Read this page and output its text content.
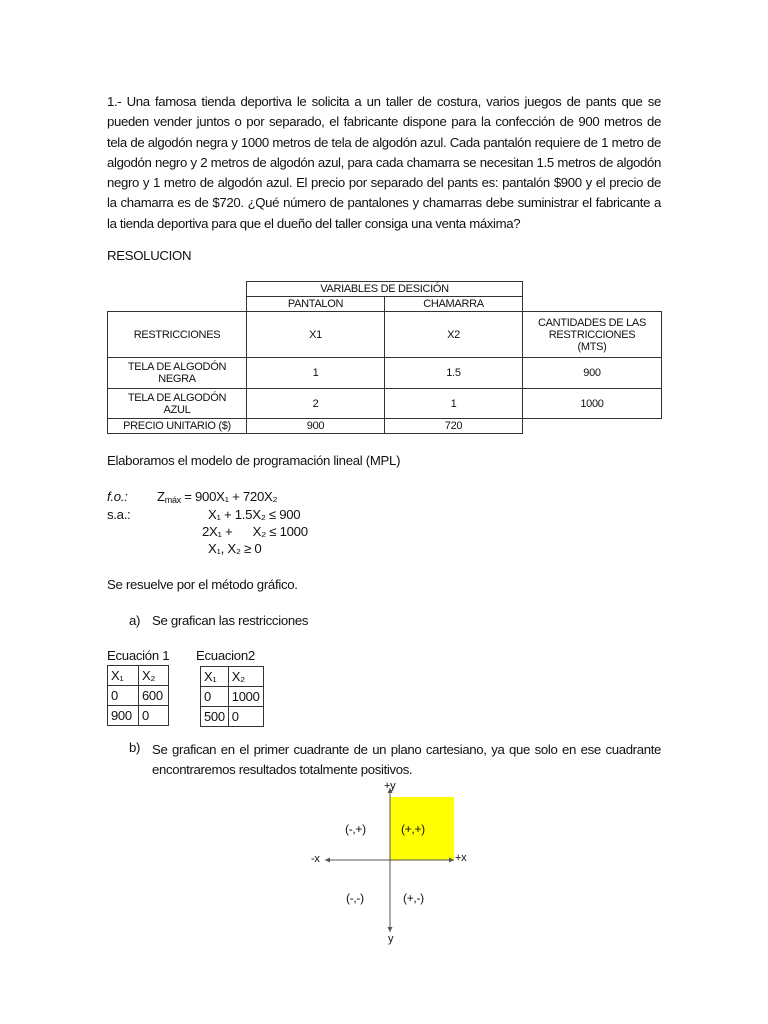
1.- Una famosa tienda deportiva le solicita a un taller de costura, varios juegos de pants que se pueden vender juntos o por separado, el fabricante dispone para la confección de 900 metros de tela de algodón negra y 1000 metros de tela de algodón azul. Cada pantalón requiere de 1 metro de algodón negro y 2 metros de algodón azul, para cada chamarra se necesitan 1.5 metros de algodón negro y 1 metro de algodón azul. El precio por separado del pants es: pantalón $900 y el precio de la chamarra es de $720. ¿Qué número de pantalones y chamarras debe suministrar el fabricante a la tienda deportiva para que el dueño del taller consiga una venta máxima?
RESOLUCION
	VARIABLES DE DESICIÓN		
	PANTALON	CHAMARRA	
RESTRICCIONES	X1	X2	CANTIDADES DE LAS RESTRICCIONES (MTS)
TELA DE ALGODÓN NEGRA	1	1.5	900
TELA DE ALGODÓN AZUL	2	1	1000
PRECIO UNITARIO ($)	900	720	
Elaboramos el modelo de programación lineal (MPL)
f.o.: $Z_{máx} = 900X_1 + 720X_2$
s.a.:	X₁ + 1.5X₂ ≤ 900
2X₁ +      X₂ ≤ 1000
X₁, X₂ ≥ 0
Se resuelve por el método gráfico.
a) Se grafican las restricciones
Ecuación 1
X₁	X₂
0	600
900	0
Ecuacion2
X₁	X₂
0	1000
500	0
b) Se grafican en el primer cuadrante de un plano cartesiano, ya que solo en ese cuadrante encontraremos resultados totalmente positivos.
+y
y
+x
-x
(+,+)
(-,+)
(-,-)	(+,-)
